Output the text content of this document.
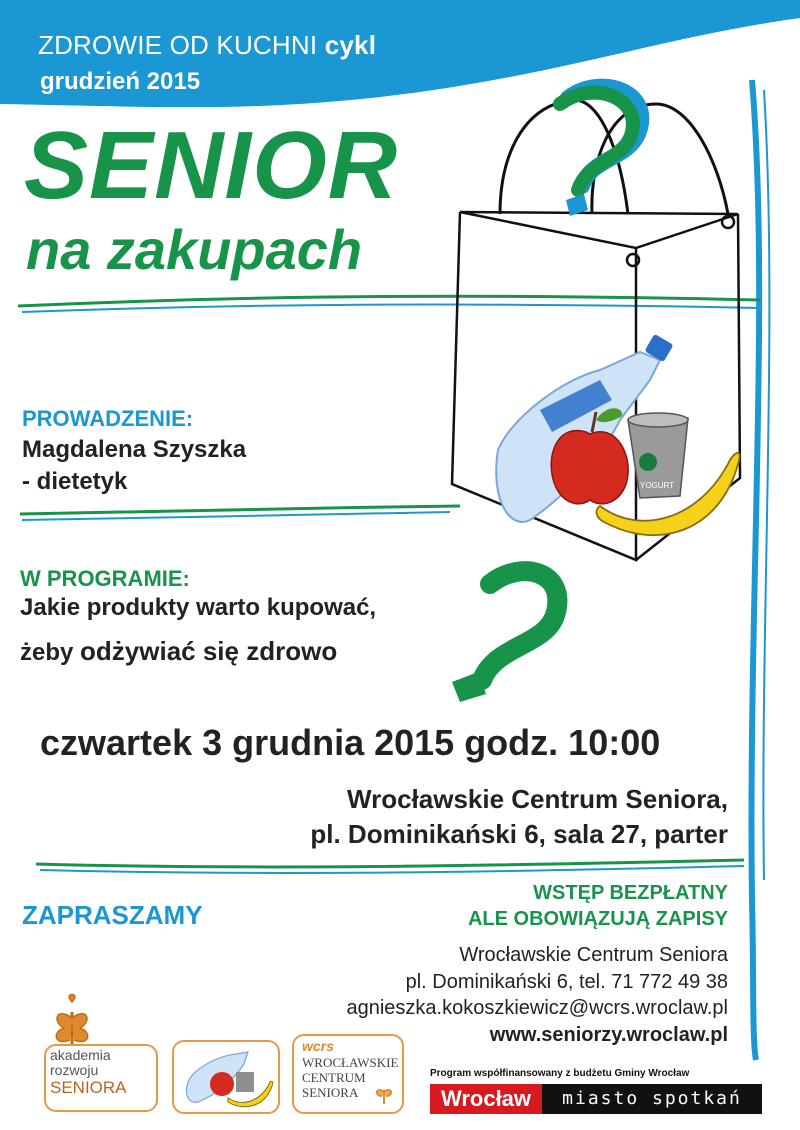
YOGURT
ZDROWIE OD KUCHNI cykl
grudzień 2015
SENIOR
na zakupach
PROWADZENIE:
Magdalena Szyszka
- dietetyk
W PROGRAMIE:
Jakie produkty warto kupować,
żeby odżywiać się zdrowo
czwartek 3 grudnia 2015 godz. 10:00
Wrocławskie Centrum Seniora,
pl. Dominikański 6, sala 27, parter
ZAPRASZAMY
WSTĘP BEZPŁATNY
ALE OBOWIĄZUJĄ ZAPISY
Wrocławskie Centrum Seniora
pl. Dominikański 6, tel. 71 772 49 38
agnieszka.kokoszkiewicz@wcrs.wroclaw.pl
www.seniorzy.wroclaw.pl
akademia
rozwoju
SENIORA
wcrs
WROCŁAWSKIE
CENTRUM
SENIORA
Program współfinansowany z budżetu Gminy Wrocław
Wrocław	miasto spotkań
